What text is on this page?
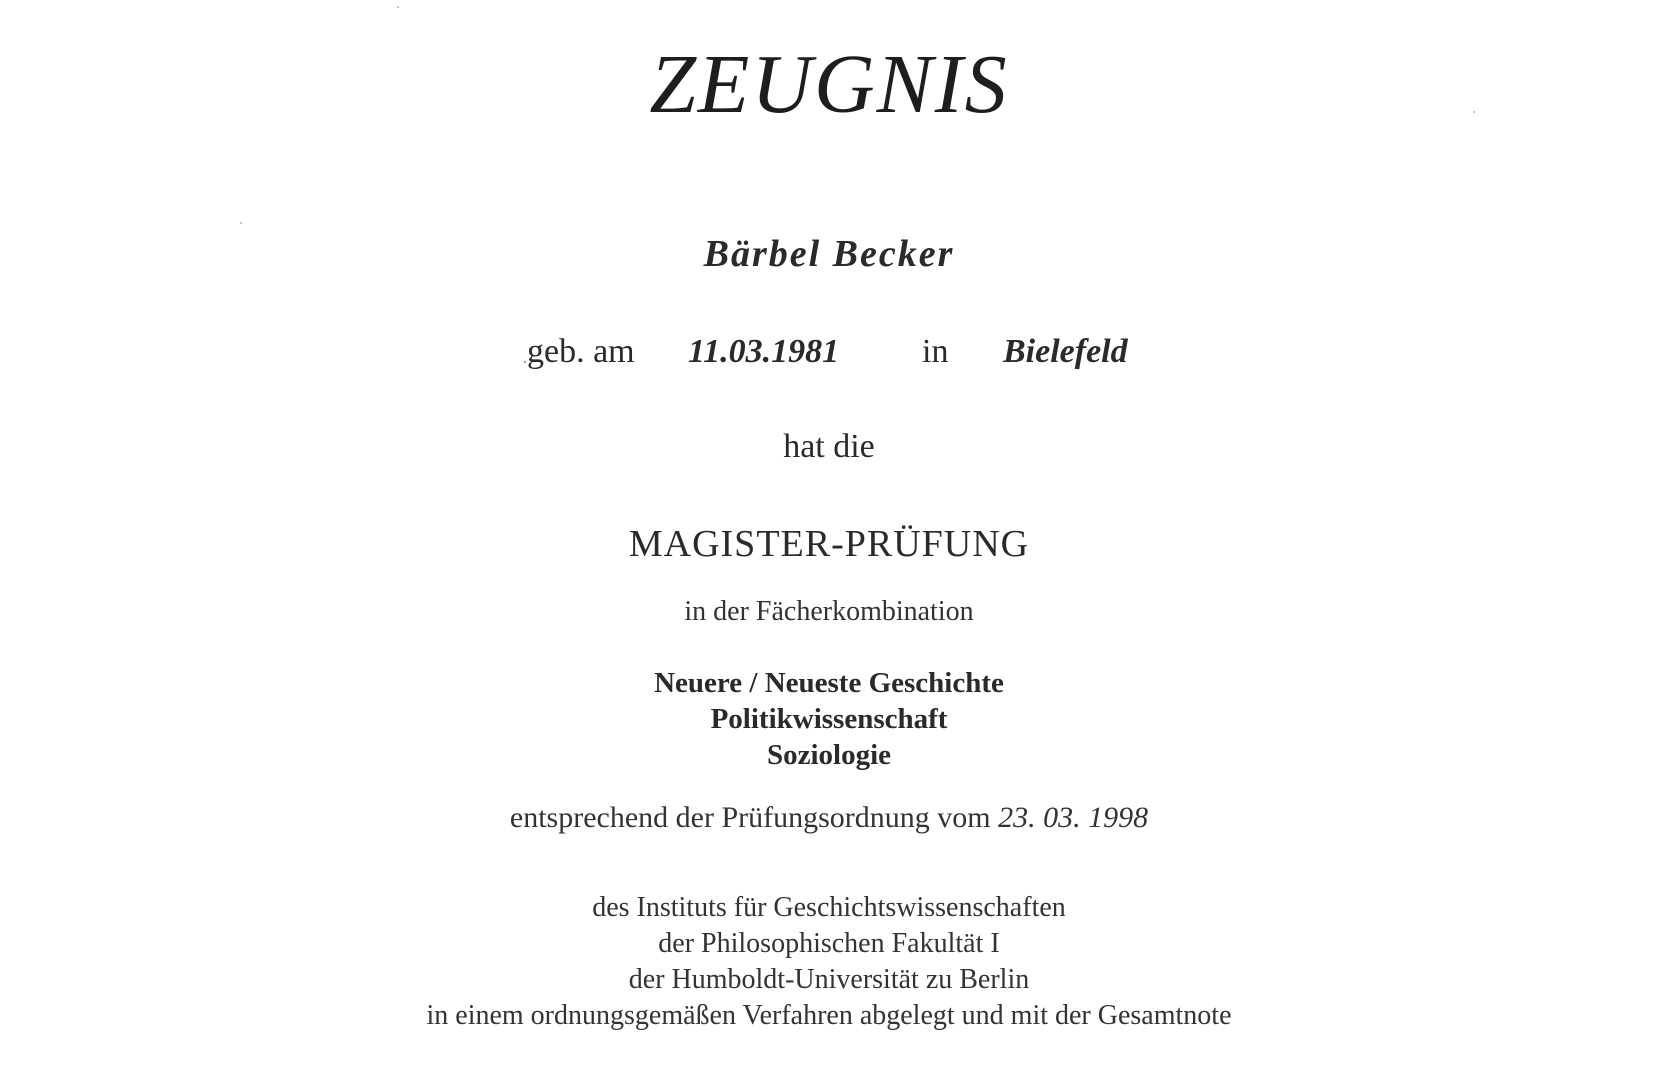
ZEUGNIS
Bärbel Becker
geb. am 11.03.1981 in Bielefeld
hat die
MAGISTER-PRÜFUNG
in der Fächerkombination
Neuere / Neueste Geschichte
Politikwissenschaft
Soziologie
entsprechend der Prüfungsordnung vom 23. 03. 1998
des Instituts für Geschichtswissenschaften
der Philosophischen Fakultät I
der Humboldt-Universität zu Berlin
in einem ordnungsgemäßen Verfahren abgelegt und mit der Gesamtnote
